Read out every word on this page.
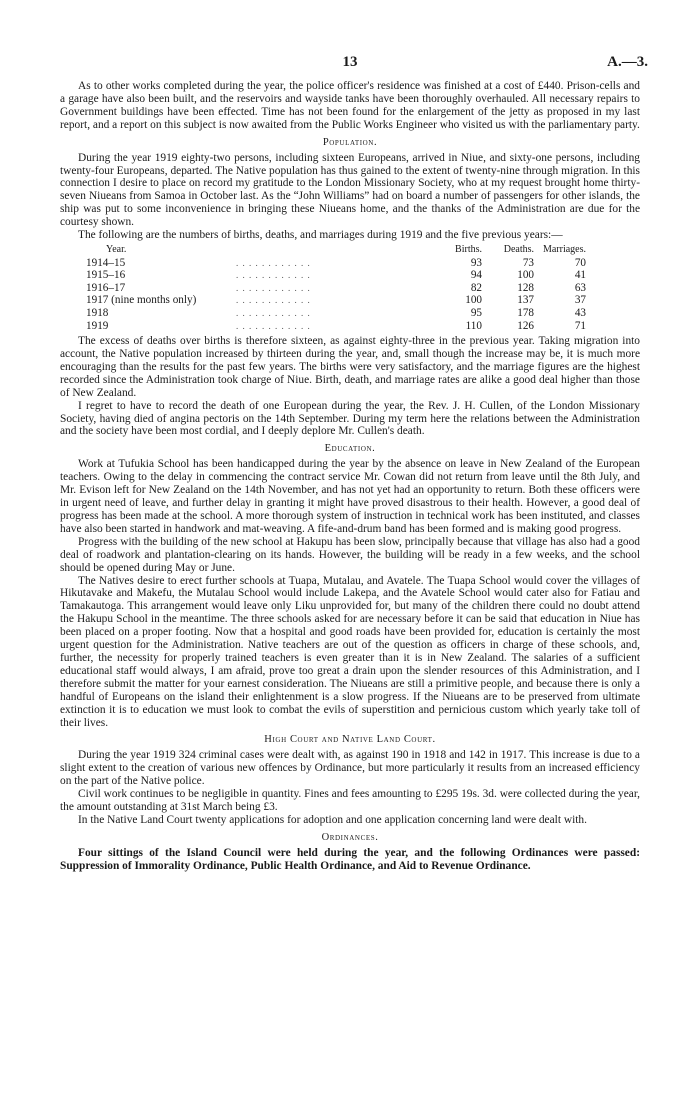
13	A.—3.

As to other works completed during the year, the police officer's residence was finished at a cost of £440. Prison-cells and a garage have also been built, and the reservoirs and wayside tanks have been thoroughly overhauled. All necessary repairs to Government buildings have been effected. Time has not been found for the enlargement of the jetty as proposed in my last report, and a report on this subject is now awaited from the Public Works Engineer who visited us with the parliamentary party.

Population.

During the year 1919 eighty-two persons, including sixteen Europeans, arrived in Niue, and sixty-one persons, including twenty-four Europeans, departed. The Native population has thus gained to the extent of twenty-nine through migration. In this connection I desire to place on record my gratitude to the London Missionary Society, who at my request brought home thirty-seven Niueans from Samoa in October last. As the “John Williams” had on board a number of passengers for other islands, the ship was put to some inconvenience in bringing these Niueans home, and the thanks of the Administration are due for the courtesy shown.

The following are the numbers of births, deaths, and marriages during 1919 and the five previous years:—

Year.		Births.	Deaths.	Marriages.
1914–15	. . . . . . . . . . . .	93	73	70
1915–16	. . . . . . . . . . . .	94	100	41
1916–17	. . . . . . . . . . . .	82	128	63
1917 (nine months only)	. . . . . . . . . . . .	100	137	37
1918	. . . . . . . . . . . .	95	178	43
1919	. . . . . . . . . . . .	110	126	71

The excess of deaths over births is therefore sixteen, as against eighty-three in the previous year. Taking migration into account, the Native population increased by thirteen during the year, and, small though the increase may be, it is much more encouraging than the results for the past few years. The births were very satisfactory, and the marriage figures are the highest recorded since the Administration took charge of Niue. Birth, death, and marriage rates are alike a good deal higher than those of New Zealand.

I regret to have to record the death of one European during the year, the Rev. J. H. Cullen, of the London Missionary Society, having died of angina pectoris on the 14th September. During my term here the relations between the Administration and the society have been most cordial, and I deeply deplore Mr. Cullen's death.

Education.

Work at Tufukia School has been handicapped during the year by the absence on leave in New Zealand of the European teachers. Owing to the delay in commencing the contract service Mr. Cowan did not return from leave until the 8th July, and Mr. Evison left for New Zealand on the 14th November, and has not yet had an opportunity to return. Both these officers were in urgent need of leave, and further delay in granting it might have proved disastrous to their health. However, a good deal of progress has been made at the school. A more thorough system of instruction in technical work has been instituted, and classes have also been started in handwork and mat-weaving. A fife-and-drum band has been formed and is making good progress.

Progress with the building of the new school at Hakupu has been slow, principally because that village has also had a good deal of roadwork and plantation-clearing on its hands. However, the building will be ready in a few weeks, and the school should be opened during May or June.

The Natives desire to erect further schools at Tuapa, Mutalau, and Avatele. The Tuapa School would cover the villages of Hikutavake and Makefu, the Mutalau School would include Lakepa, and the Avatele School would cater also for Fatiau and Tamakautoga. This arrangement would leave only Liku unprovided for, but many of the children there could no doubt attend the Hakupu School in the meantime. The three schools asked for are necessary before it can be said that education in Niue has been placed on a proper footing. Now that a hospital and good roads have been provided for, education is certainly the most urgent question for the Administration. Native teachers are out of the question as officers in charge of these schools, and, further, the necessity for properly trained teachers is even greater than it is in New Zealand. The salaries of a sufficient educational staff would always, I am afraid, prove too great a drain upon the slender resources of this Administration, and I therefore submit the matter for your earnest consideration. The Niueans are still a primitive people, and because there is only a handful of Europeans on the island their enlightenment is a slow progress. If the Niueans are to be preserved from ultimate extinction it is to education we must look to combat the evils of superstition and pernicious custom which yearly take toll of their lives.

High Court and Native Land Court.

During the year 1919 324 criminal cases were dealt with, as against 190 in 1918 and 142 in 1917. This increase is due to a slight extent to the creation of various new offences by Ordinance, but more particularly it results from an increased efficiency on the part of the Native police.

Civil work continues to be negligible in quantity. Fines and fees amounting to £295 19s. 3d. were collected during the year, the amount outstanding at 31st March being £3.

In the Native Land Court twenty applications for adoption and one application concerning land were dealt with.

Ordinances.

Four sittings of the Island Council were held during the year, and the following Ordinances were passed: Suppression of Immorality Ordinance, Public Health Ordinance, and Aid to Revenue Ordinance.
